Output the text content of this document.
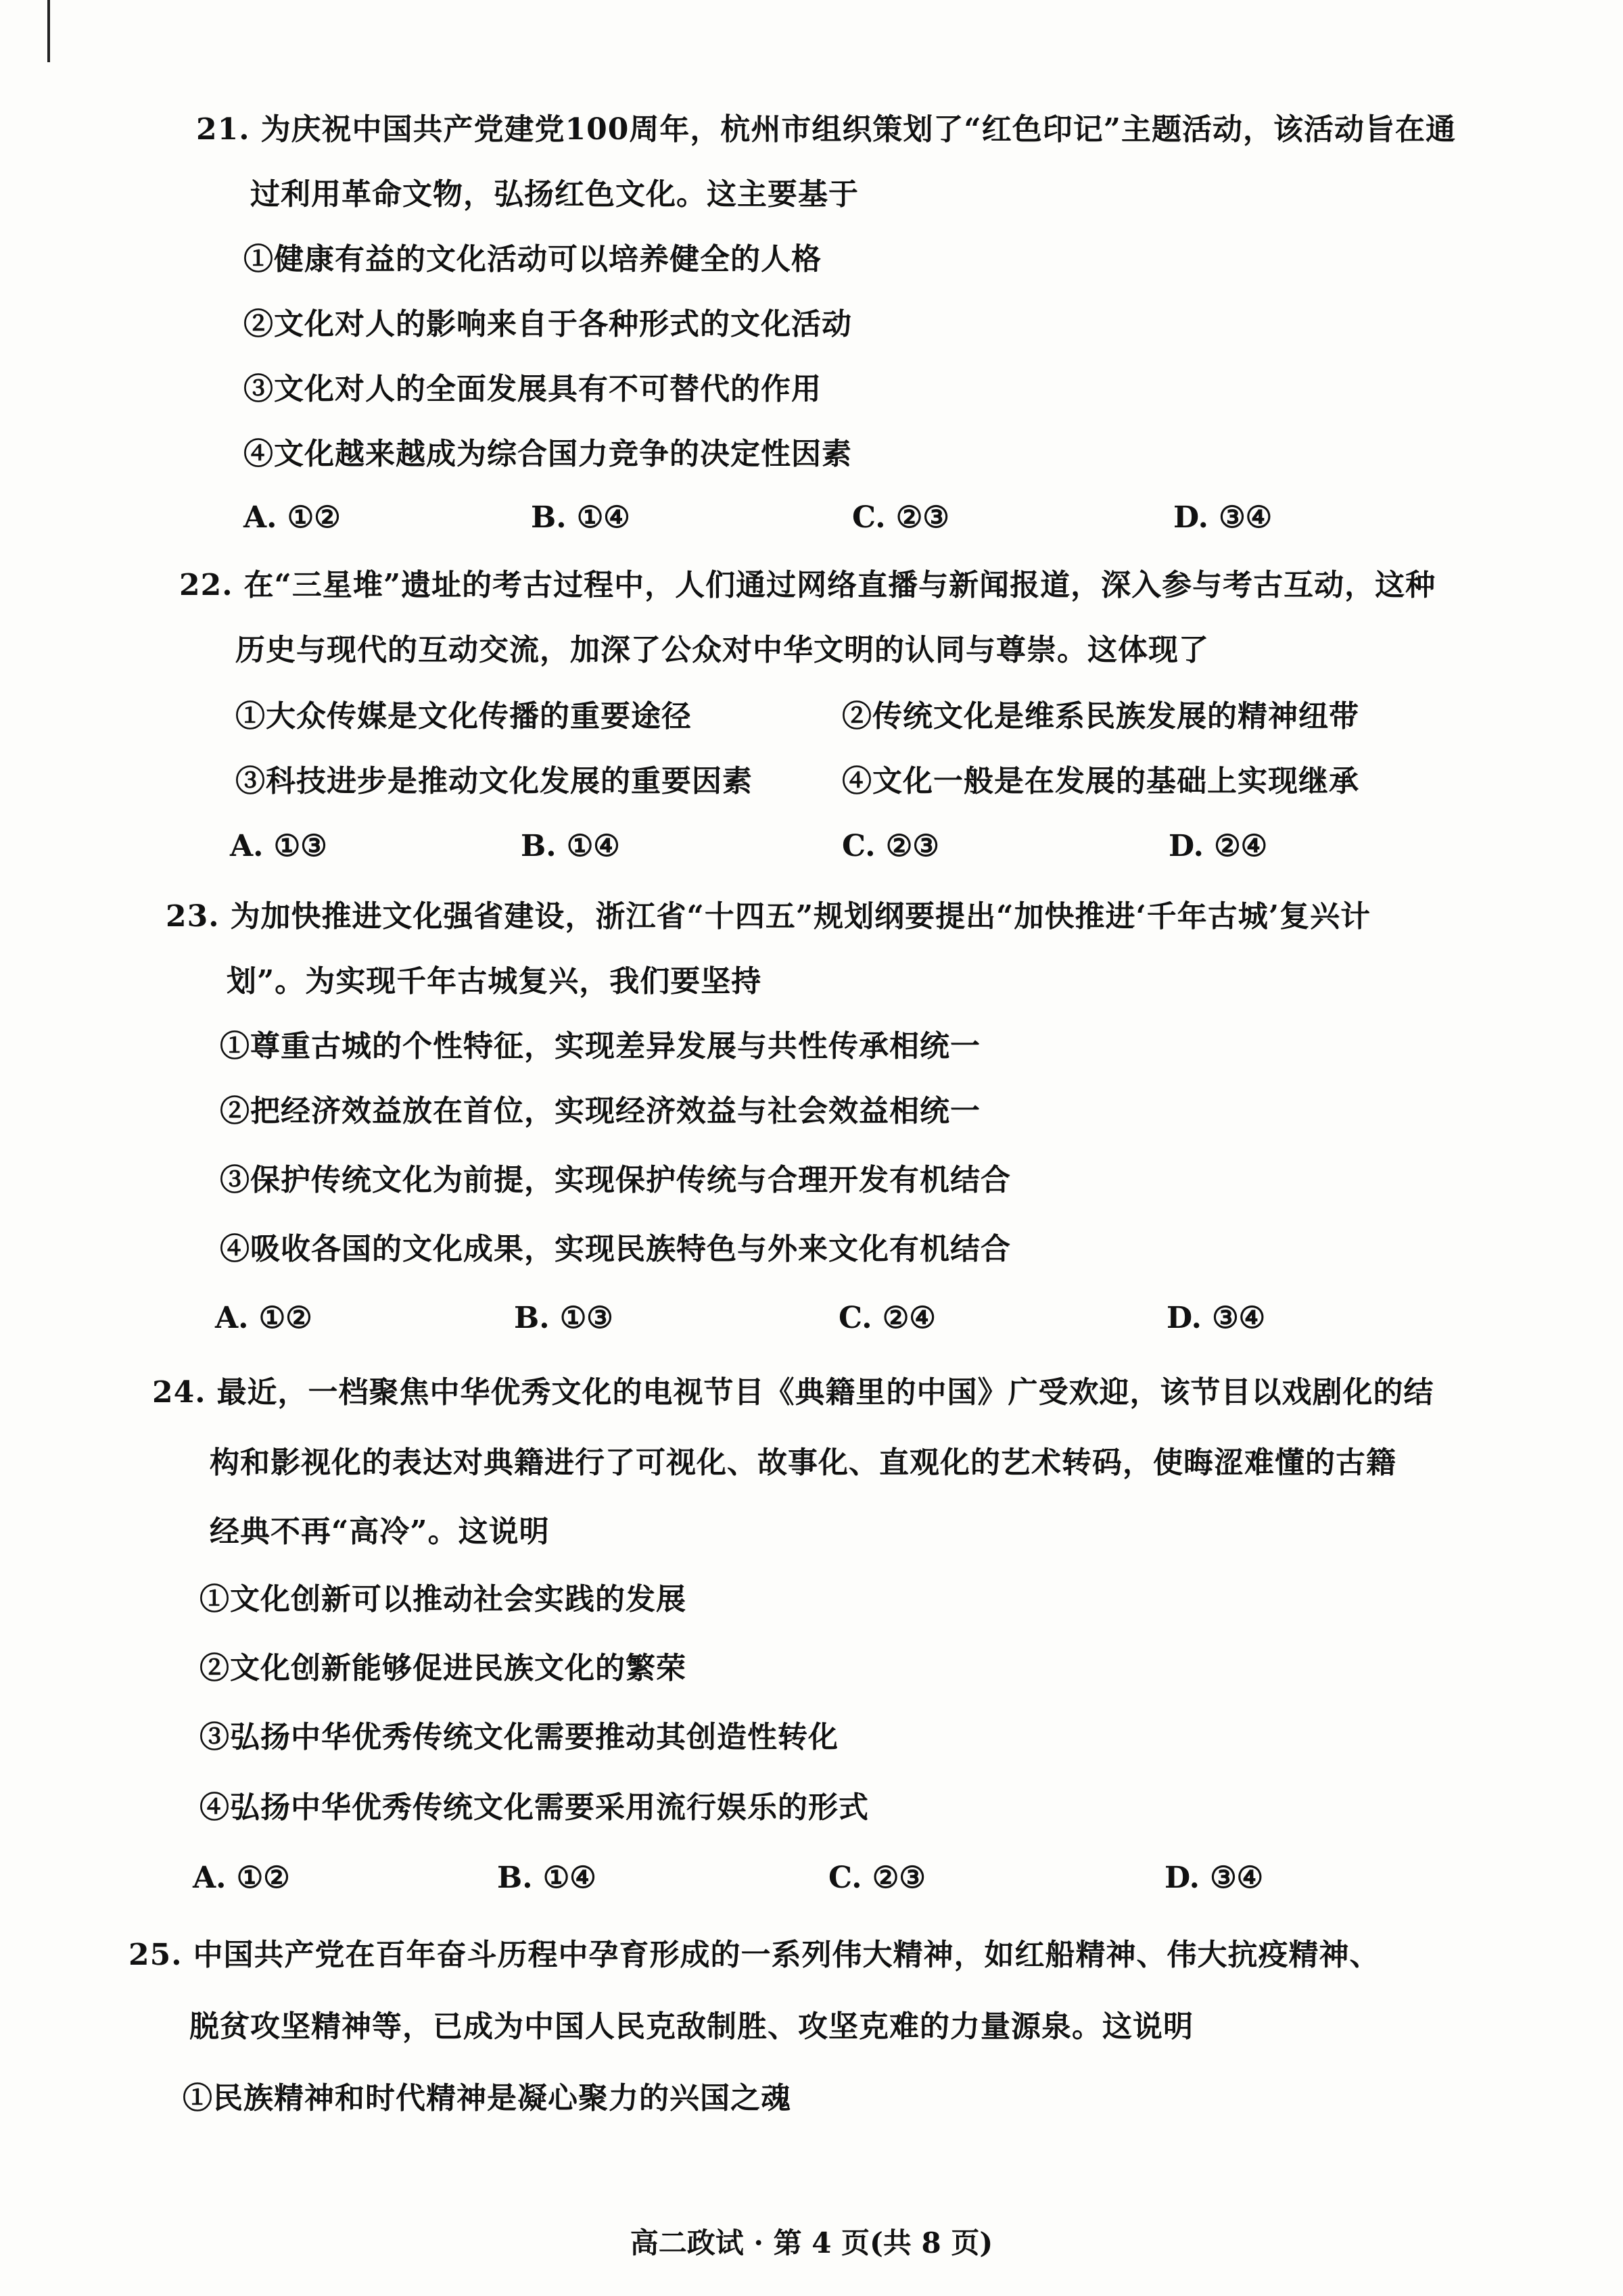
21. 为庆祝中国共产党建党100周年，杭州市组织策划了“红色印记”主题活动，该活动旨在通
过利用革命文物，弘扬红色文化。这主要基于
①健康有益的文化活动可以培养健全的人格
②文化对人的影响来自于各种形式的文化活动
③文化对人的全面发展具有不可替代的作用
④文化越来越成为综合国力竞争的决定性因素
A. ①②	B. ①④	C. ②③	D. ③④
22. 在“三星堆”遗址的考古过程中，人们通过网络直播与新闻报道，深入参与考古互动，这种
历史与现代的互动交流，加深了公众对中华文明的认同与尊崇。这体现了
①大众传媒是文化传播的重要途径	②传统文化是维系民族发展的精神纽带
③科技进步是推动文化发展的重要因素	④文化一般是在发展的基础上实现继承
A. ①③	B. ①④	C. ②③	D. ②④
23. 为加快推进文化强省建设，浙江省“十四五”规划纲要提出“加快推进‘千年古城’复兴计
划”。为实现千年古城复兴，我们要坚持
①尊重古城的个性特征，实现差异发展与共性传承相统一
②把经济效益放在首位，实现经济效益与社会效益相统一
③保护传统文化为前提，实现保护传统与合理开发有机结合
④吸收各国的文化成果，实现民族特色与外来文化有机结合
A. ①②	B. ①③	C. ②④	D. ③④
24. 最近，一档聚焦中华优秀文化的电视节目《典籍里的中国》广受欢迎，该节目以戏剧化的结
构和影视化的表达对典籍进行了可视化、故事化、直观化的艺术转码，使晦涩难懂的古籍
经典不再“高冷”。这说明
①文化创新可以推动社会实践的发展
②文化创新能够促进民族文化的繁荣
③弘扬中华优秀传统文化需要推动其创造性转化
④弘扬中华优秀传统文化需要采用流行娱乐的形式
A. ①②	B. ①④	C. ②③	D. ③④
25. 中国共产党在百年奋斗历程中孕育形成的一系列伟大精神，如红船精神、伟大抗疫精神、
脱贫攻坚精神等，已成为中国人民克敌制胜、攻坚克难的力量源泉。这说明
①民族精神和时代精神是凝心聚力的兴国之魂
高二政试 · 第 4 页(共 8 页)
